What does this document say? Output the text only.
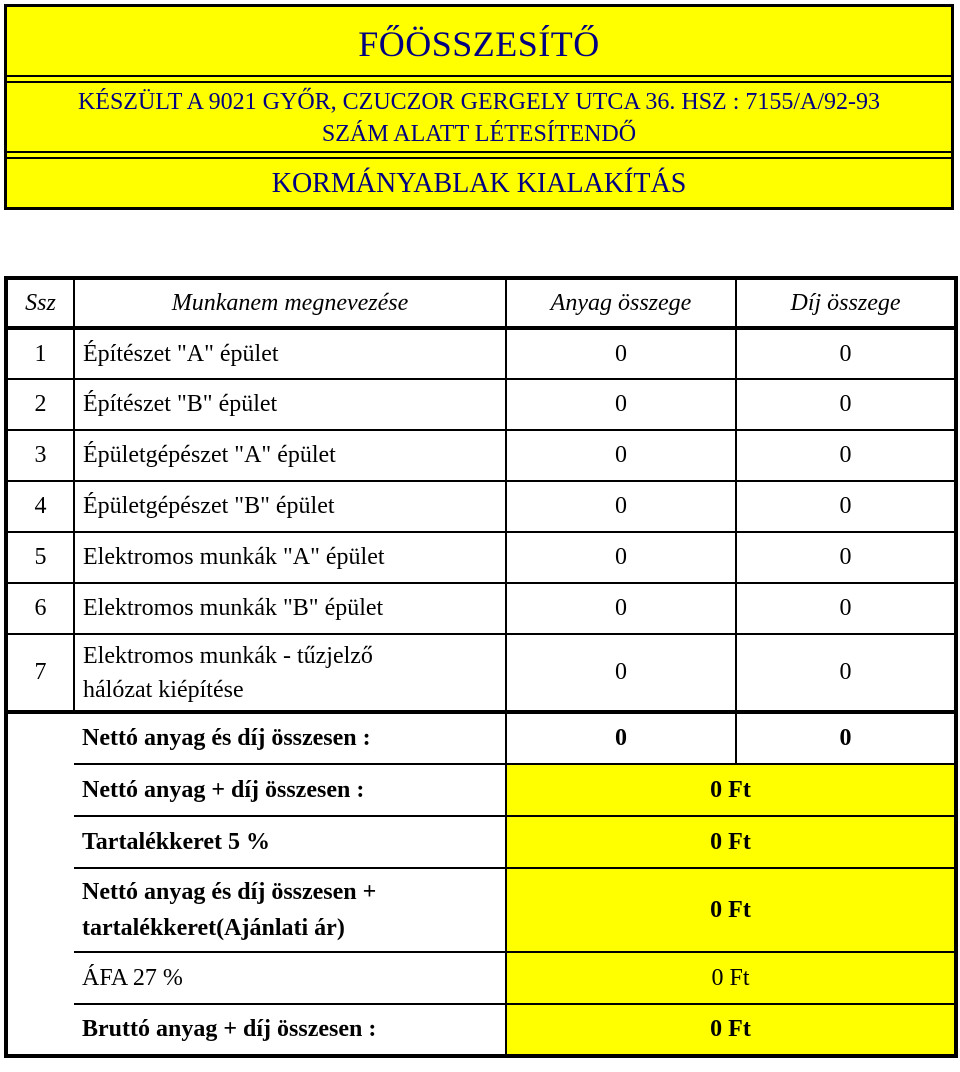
FŐÖSSZESÍTŐ
KÉSZÜLT A 9021 GYŐR, CZUCZOR GERGELY UTCA 36. HSZ : 7155/A/92-93
SZÁM ALATT LÉTESÍTENDŐ
KORMÁNYABLAK KIALAKÍTÁS
Ssz	Munkanem megnevezése	Anyag összege	Díj összege
1	Építészet "A" épület	0	0
2	Építészet "B" épület	0	0
3	Épületgépészet "A" épület	0	0
4	Épületgépészet "B" épület	0	0
5	Elektromos munkák "A" épület	0	0
6	Elektromos munkák "B" épület	0	0
7	Elektromos munkák - tűzjelző
hálózat kiépítése	0	0
	Nettó anyag és díj összesen :	0	0
	Nettó anyag + díj összesen :	0 Ft	
	Tartalékkeret 5 %	0 Ft	

	Nettó anyag és díj összesen +
tartalékkeret(Ajánlati ár)	0 Ft	
	ÁFA 27 %	0 Ft	
	Bruttó anyag + díj összesen :	0 Ft	
